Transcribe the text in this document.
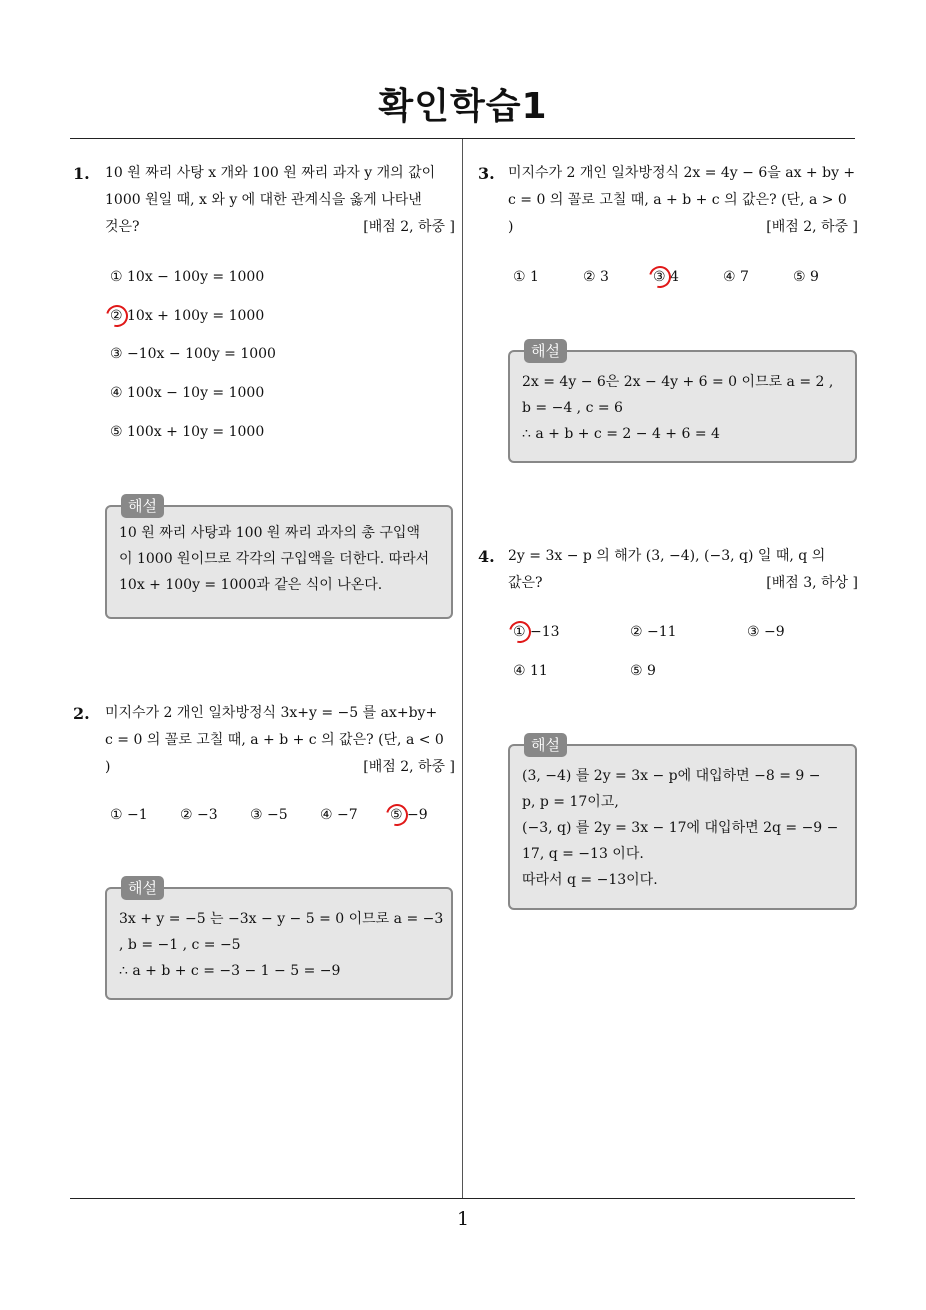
확인학습1
1
1. 10 원 짜리 사탕 x 개와 100 원 짜리 과자 y 개의 값이
1000 원일 때, x 와 y 에 대한 관계식을 옳게 나타낸
것은?	[배점 2, 하중 ]
① 10x − 100y = 1000
② 10x + 100y = 1000
③ −10x − 100y = 1000
④ 100x − 10y = 1000
⑤ 100x + 10y = 1000
해설
10 원 짜리 사탕과 100 원 짜리 과자의 총 구입액
이 1000 원이므로 각각의 구입액을 더한다. 따라서
10x + 100y = 1000과 같은 식이 나온다.
2. 미지수가 2 개인 일차방정식 3x+y = −5 를 ax+by+
c = 0 의 꼴로 고칠 때, a + b + c 의 값은? (단, a < 0
)	[배점 2, 하중 ]
① −1 ② −3 ③ −5 ④ −7 ⑤ −9
해설
3x + y = −5 는 −3x − y − 5 = 0 이므로 a = −3
, b = −1 , c = −5
∴ a + b + c = −3 − 1 − 5 = −9
3. 미지수가 2 개인 일차방정식 2x = 4y − 6을 ax + by +
c = 0 의 꼴로 고칠 때, a + b + c 의 값은? (단, a > 0
)	[배점 2, 하중 ]
① 1	② 3	③ 4	④ 7	⑤ 9
해설
2x = 4y − 6은 2x − 4y + 6 = 0 이므로 a = 2 ,
b = −4 , c = 6
∴ a + b + c = 2 − 4 + 6 = 4
4. 2y = 3x − p 의 해가 (3, −4), (−3, q) 일 때, q 의
값은?	[배점 3, 하상 ]
① −13	② −11	③ −9
④ 11	⑤ 9
해설
(3, −4) 를 2y = 3x − p에 대입하면 −8 = 9 −
p, p = 17이고,
(−3, q) 를 2y = 3x − 17에 대입하면 2q = −9 −
17, q = −13 이다.
따라서 q = −13이다.
